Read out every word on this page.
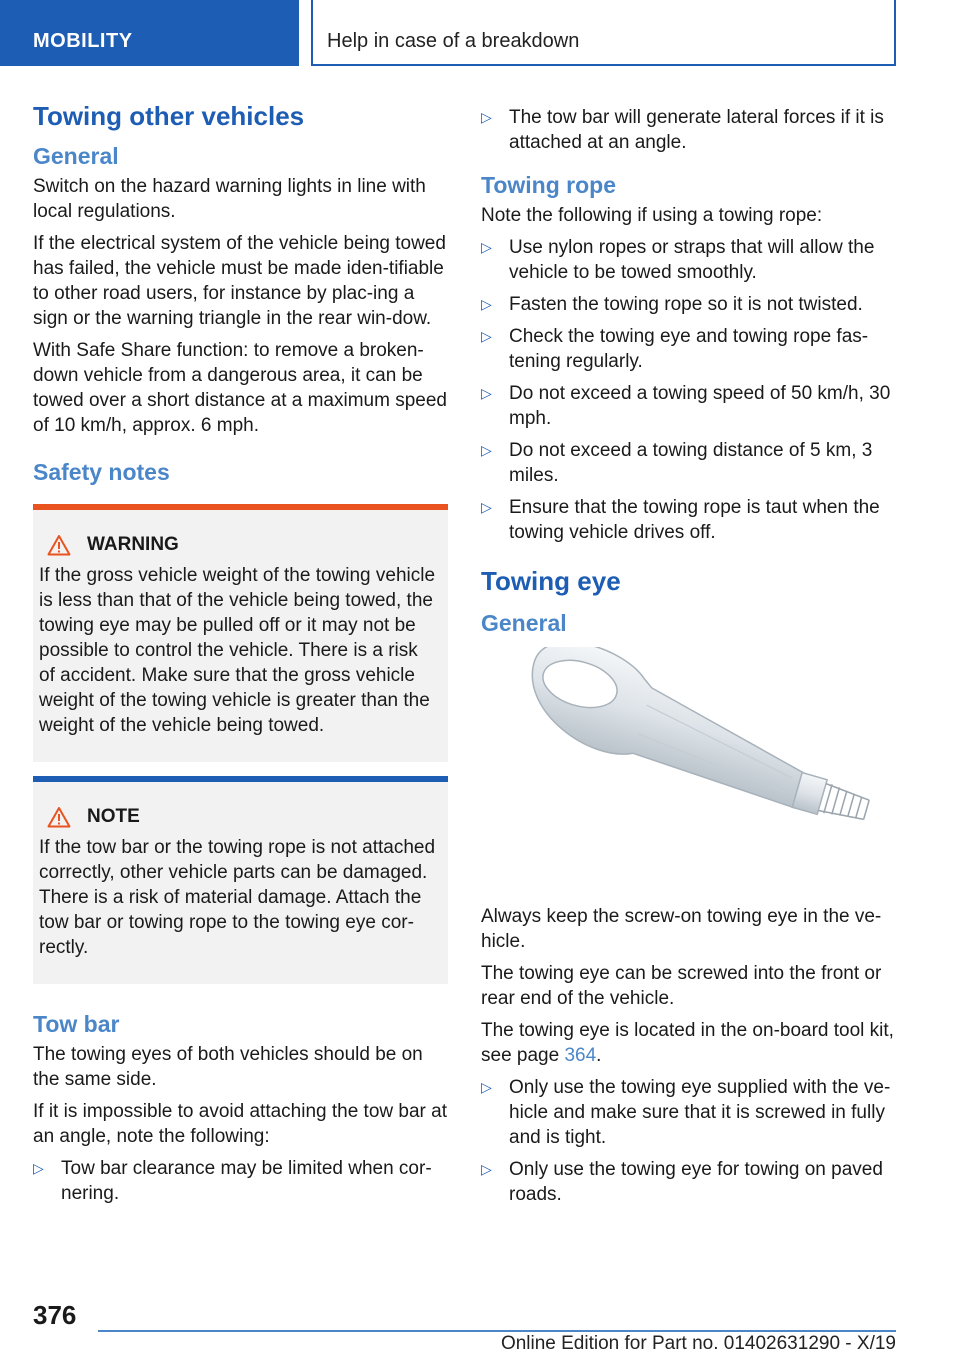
MOBILITY	Help in case of a breakdown
Towing other vehicles
General

Switch on the hazard warning lights in line with local regulations.

If the electrical system of the vehicle being towed has failed, the vehicle must be made iden‐tifiable to other road users, for instance by plac‐ing a sign or the warning triangle in the rear win‐dow.

With Safe Share function: to remove a broken-down vehicle from a dangerous area, it can be towed over a short distance at a maximum speed of 10 km/h, approx. 6 mph.

Safety notes
WARNING

If the gross vehicle weight of the towing vehicle is less than that of the vehicle being towed, the towing eye may be pulled off or it may not be possible to control the vehicle. There is a risk of accident. Make sure that the gross vehicle weight of the towing vehicle is greater than the weight of the vehicle being towed.

NOTE

If the tow bar or the towing rope is not attached correctly, other vehicle parts can be damaged. There is a risk of material damage. Attach the tow bar or towing rope to the towing eye cor‐rectly.

Tow bar

The towing eyes of both vehicles should be on the same side.

If it is impossible to avoid attaching the tow bar at an angle, note the following:

▷ Tow bar clearance may be limited when cor‐nering.
▷ The tow bar will generate lateral forces if it is attached at an angle.
Towing rope

Note the following if using a towing rope:

▷ Use nylon ropes or straps that will allow the vehicle to be towed smoothly.
▷ Fasten the towing rope so it is not twisted.
▷ Check the towing eye and towing rope fas‐tening regularly.
▷ Do not exceed a towing speed of 50 km/h, 30 mph.
▷ Do not exceed a towing distance of 5 km, 3 miles.
▷ Ensure that the towing rope is taut when the towing vehicle drives off.
Towing eye
General

Always keep the screw-on towing eye in the ve‐hicle.

The towing eye can be screwed into the front or rear end of the vehicle.

The towing eye is located in the on-board tool kit, see page 364.

▷ Only use the towing eye supplied with the ve‐hicle and make sure that it is screwed in fully and is tight.
▷ Only use the towing eye for towing on paved roads.
376
Online Edition for Part no. 01402631290 - X/19
